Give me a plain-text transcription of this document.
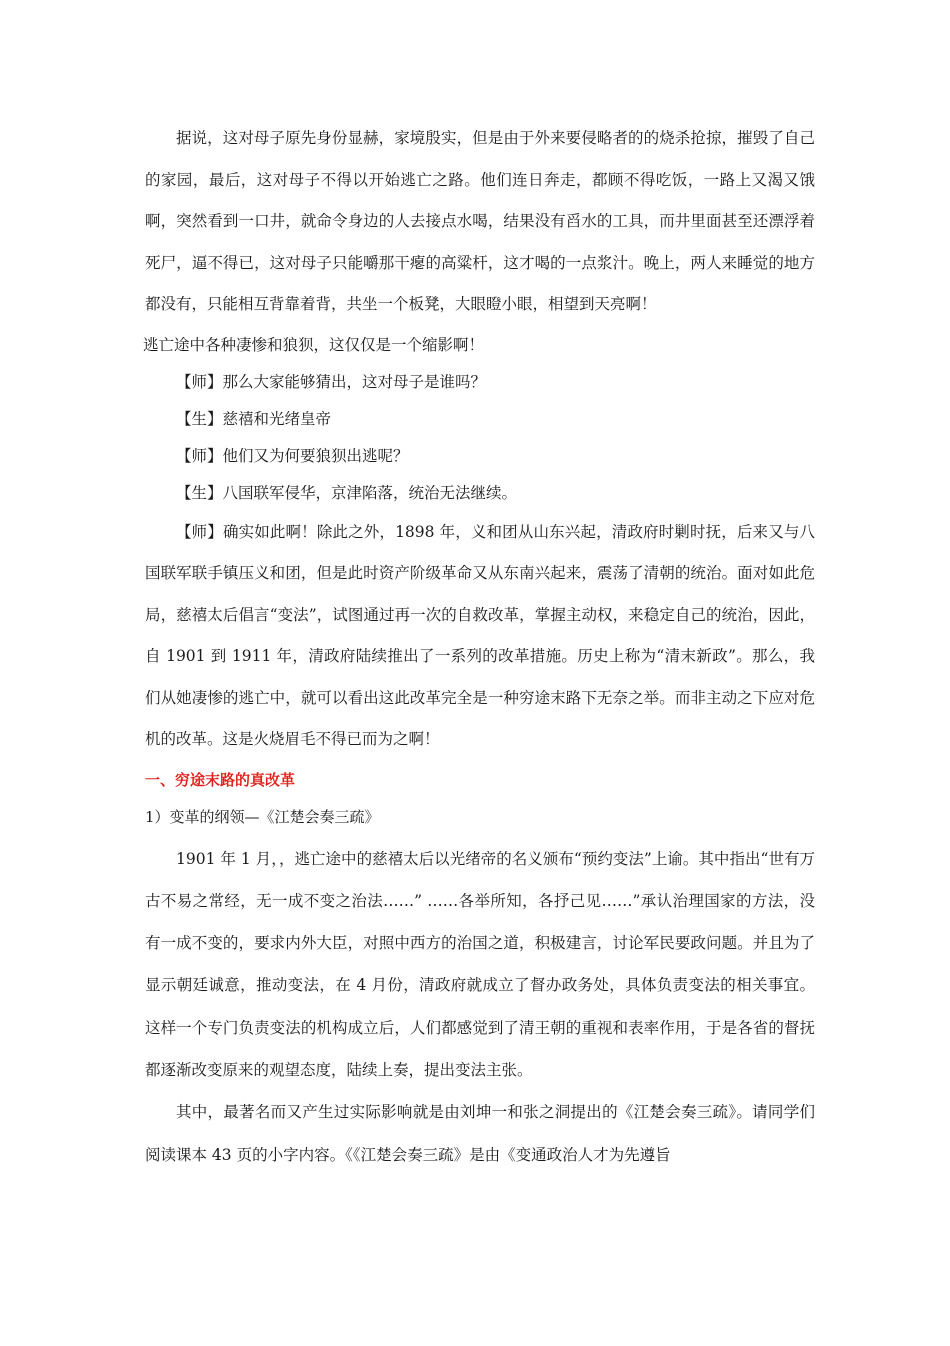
据说，这对母子原先身份显赫，家境殷实，但是由于外来要侵略者的的烧杀抢掠，摧毁了自己的家园，最后，这对母子不得以开始逃亡之路。他们连日奔走，都顾不得吃饭，一路上又渴又饿啊，突然看到一口井，就命令身边的人去接点水喝，结果没有舀水的工具，而井里面甚至还漂浮着死尸，逼不得已，这对母子只能嚼那干瘪的高粱杆，这才喝的一点浆汁。晚上，两人来睡觉的地方都没有，只能相互背靠着背，共坐一个板凳，大眼瞪小眼，相望到天亮啊！

逃亡途中各种凄惨和狼狈，这仅仅是一个缩影啊！

【师】那么大家能够猜出，这对母子是谁吗？

【生】慈禧和光绪皇帝

【师】他们又为何要狼狈出逃呢？

【生】八国联军侵华，京津陷落，统治无法继续。

【师】确实如此啊！除此之外，1898 年，义和团从山东兴起，清政府时剿时抚，后来又与八国联军联手镇压义和团，但是此时资产阶级革命又从东南兴起来，震荡了清朝的统治。面对如此危局，慈禧太后倡言“变法”，试图通过再一次的自救改革，掌握主动权，来稳定自己的统治，因此，自 1901 到 1911 年，清政府陆续推出了一系列的改革措施。历史上称为“清末新政”。那么，我们从她凄惨的逃亡中，就可以看出这此改革完全是一种穷途末路下无奈之举。而非主动之下应对危机的改革。这是火烧眉毛不得已而为之啊！

一、穷途末路的真改革
1）变革的纲领—《江楚会奏三疏》

1901 年 1 月，，逃亡途中的慈禧太后以光绪帝的名义颁布“预约变法”上谕。其中指出“世有万古不易之常经，无一成不变之治法……” ……各举所知，各抒己见……”承认治理国家的方法，没有一成不变的，要求内外大臣，对照中西方的治国之道，积极建言，讨论军民要政问题。并且为了显示朝廷诚意，推动变法，在 4 月份，清政府就成立了督办政务处，具体负责变法的相关事宜。这样一个专门负责变法的机构成立后，人们都感觉到了清王朝的重视和表率作用，于是各省的督抚都逐渐改变原来的观望态度，陆续上奏，提出变法主张。

其中，最著名而又产生过实际影响就是由刘坤一和张之洞提出的《江楚会奏三疏》。请同学们阅读课本 43 页的小字内容。《《江楚会奏三疏》是由《变通政治人才为先遵旨
